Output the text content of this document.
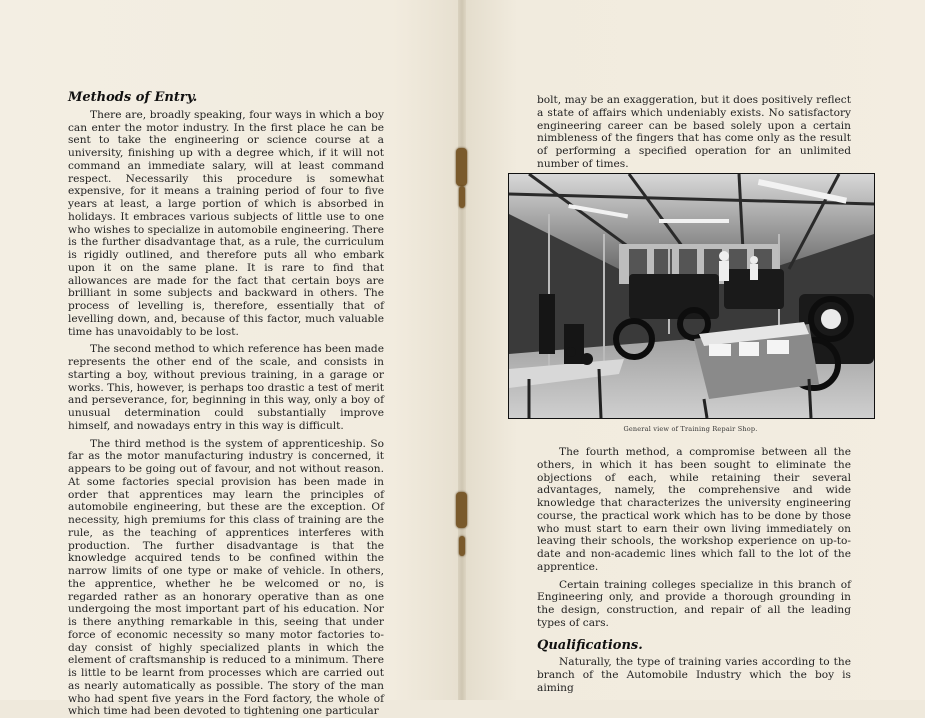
Methods of Entry.

There are, broadly speaking, four ways in which a boy can enter the motor industry. In the first place he can be sent to take the engineering or science course at a university, finishing up with a degree which, if it will not command an immediate salary, will at least command respect. Necessarily this procedure is somewhat expensive, for it means a training period of four to five years at least, a large portion of which is absorbed in holidays. It embraces various subjects of little use to one who wishes to specialize in automobile engineering. There is the further disadvantage that, as a rule, the curriculum is rigidly outlined, and therefore puts all who embark upon it on the same plane. It is rare to find that allowances are made for the fact that certain boys are brilliant in some subjects and backward in others. The process of levelling is, therefore, essentially that of levelling down, and, because of this factor, much valuable time has unavoidably to be lost.

The second method to which reference has been made represents the other end of the scale, and consists in starting a boy, without previous training, in a garage or works. This, however, is perhaps too drastic a test of merit and perseverance, for, beginning in this way, only a boy of unusual determination could substantially improve himself, and nowadays entry in this way is difficult.

The third method is the system of apprenticeship. So far as the motor manufacturing industry is concerned, it appears to be going out of favour, and not without reason. At some factories special provision has been made in order that apprentices may learn the principles of automobile engineering, but these are the exception. Of necessity, high premiums for this class of training are the rule, as the teaching of apprentices interferes with production. The further disadvantage is that the knowledge acquired tends to be confined within the narrow limits of one type or make of vehicle. In others, the apprentice, whether he be welcomed or no, is regarded rather as an honorary operative than as one undergoing the most important part of his education. Nor is there anything remarkable in this, seeing that under force of economic necessity so many motor factories to-day consist of highly specialized plants in which the element of craftsmanship is reduced to a minimum. There is little to be learnt from processes which are carried out as nearly automatically as possible. The story of the man who had spent five years in the Ford factory, the whole of which time had been devoted to tightening one particular

bolt, may be an exaggeration, but it does positively reflect a state of affairs which undeniably exists. No satisfactory engineering career can be based solely upon a certain nimbleness of the fingers that has come only as the result of performing a specified operation for an unlimited number of times.

General view of Training Repair Shop.

The fourth method, a compromise between all the others, in which it has been sought to eliminate the objections of each, while retaining their several advantages, namely, the comprehensive and wide knowledge that characterizes the university engineering course, the practical work which has to be done by those who must start to earn their own living immediately on leaving their schools, the workshop experience on up-to-date and non-academic lines which fall to the lot of the apprentice.

Certain training colleges specialize in this branch of Engineering only, and provide a thorough grounding in the design, construction, and repair of all the leading types of cars.

Qualifications.

Naturally, the type of training varies according to the branch of the Automobile Industry which the boy is aiming
